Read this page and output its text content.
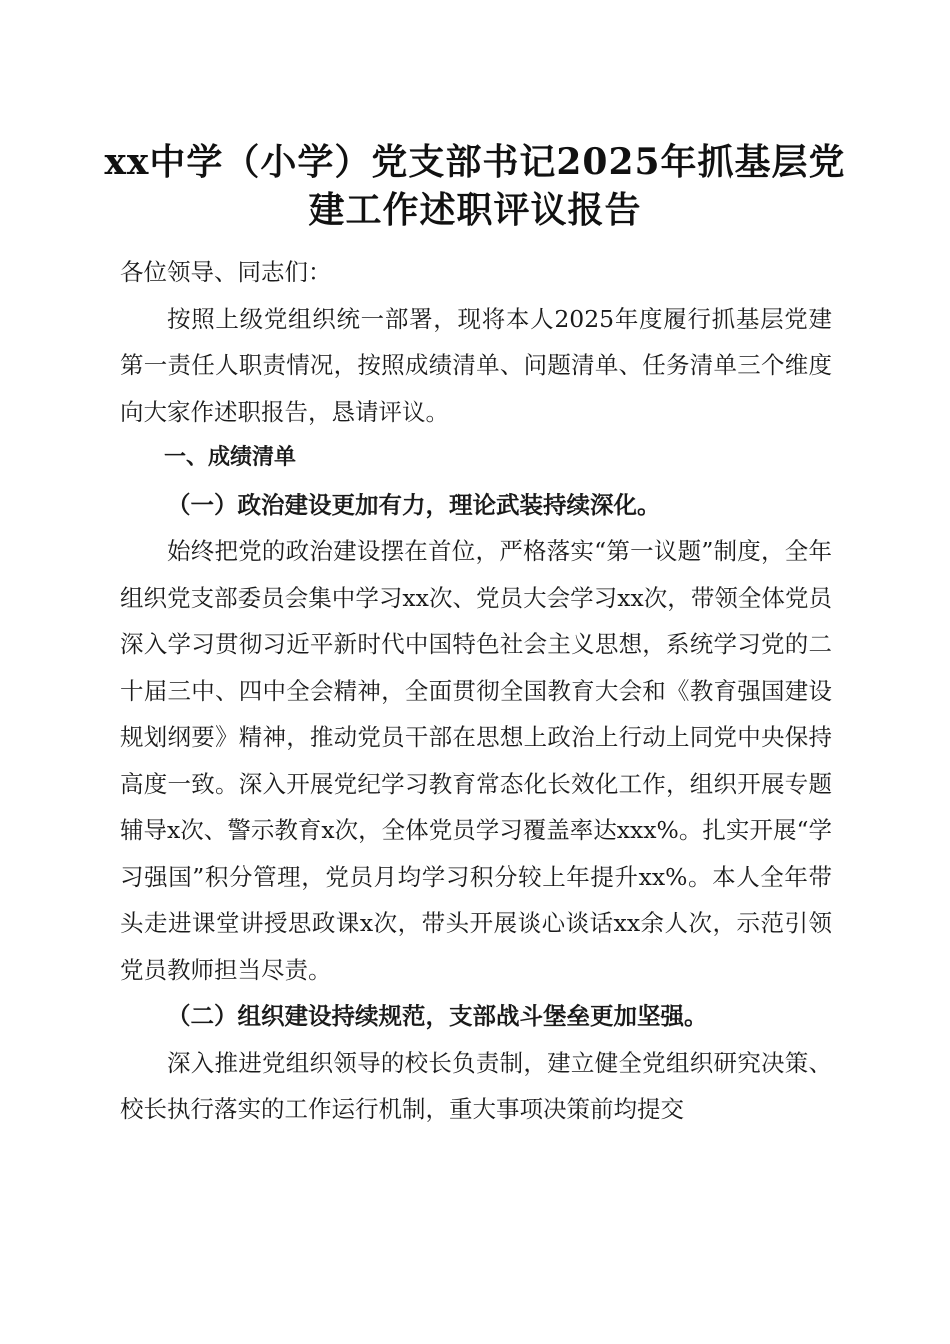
xx中学（小学）党支部书记2025年抓基层党
建工作述职评议报告

各位领导、同志们：

按照上级党组织统一部署，现将本人2025年度履行抓基层党建第一责任人职责情况，按照成绩清单、问题清单、任务清单三个维度向大家作述职报告，恳请评议。

一、成绩清单

（一）政治建设更加有力，理论武装持续深化。

始终把党的政治建设摆在首位，严格落实“第一议题”制度，全年组织党支部委员会集中学习xx次、党员大会学习xx次，带领全体党员深入学习贯彻习近平新时代中国特色社会主义思想，系统学习党的二十届三中、四中全会精神，全面贯彻全国教育大会和《教育强国建设规划纲要》精神，推动党员干部在思想上政治上行动上同党中央保持高度一致。深入开展党纪学习教育常态化长效化工作，组织开展专题辅导x次、警示教育x次，全体党员学习覆盖率达xxx%。扎实开展“学习强国”积分管理，党员月均学习积分较上年提升xx%。本人全年带头走进课堂讲授思政课x次，带头开展谈心谈话xx余人次，示范引领党员教师担当尽责。

（二）组织建设持续规范，支部战斗堡垒更加坚强。

深入推进党组织领导的校长负责制，建立健全党组织研究决策、校长执行落实的工作运行机制，重大事项决策前均提交
